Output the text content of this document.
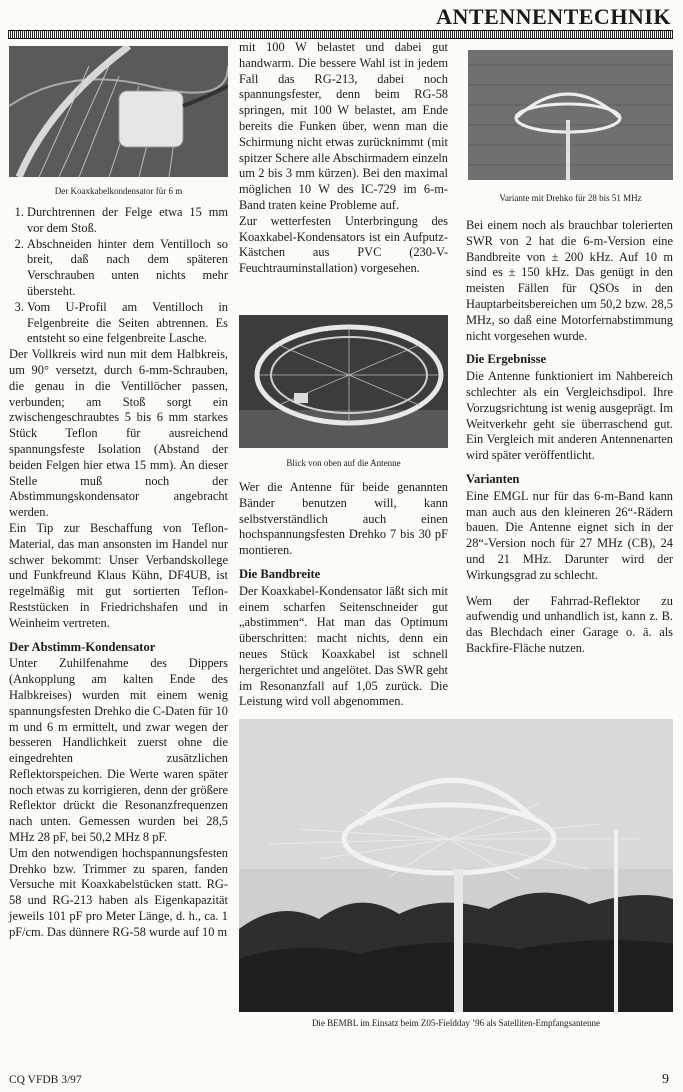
ANTENNENTECHNIK
Der Koaxkabelkondensator für 6 m
1. Durchtrennen der Felge etwa 15 mm vor dem Stoß.
2. Abschneiden hinter dem Ventilloch so breit, daß nach dem späteren Verschrauben unten nichts mehr übersteht.
3. Vom U-Profil am Ventilloch in Felgenbreite die Seiten abtrennen. Es entsteht so eine felgenbreite Lasche.

Der Vollkreis wird nun mit dem Halbkreis, um 90° versetzt, durch 6-mm-Schrauben, die genau in die Ventillöcher passen, verbunden; am Stoß sorgt ein zwischengeschraubtes 5 bis 6 mm starkes Stück Teflon für ausreichend spannungsfeste Isolation (Abstand der beiden Felgen hier etwa 15 mm). An dieser Stelle muß noch der Abstimmungskondensator angebracht werden.

Ein Tip zur Beschaffung von Teflon-Material, das man ansonsten im Handel nur schwer bekommt: Unser Verbandskollege und Funkfreund Klaus Kühn, DF4UB, ist regelmäßig mit gut sortierten Teflon-Reststücken in Friedrichshafen und in Weinheim vertreten.

Der Abstimm-Kondensator

Unter Zuhilfenahme des Dippers (Ankopplung am kalten Ende des Halbkreises) wurden mit einem wenig spannungsfesten Drehko die C-Daten für 10 m und 6 m ermittelt, und zwar wegen der besseren Handlichkeit zuerst ohne die eingedrehten zusätzlichen Reflektorspeichen. Die Werte waren später noch etwas zu korrigieren, denn der größere Reflektor drückt die Resonanzfrequenzen nach unten. Gemessen wurden bei 28,5 MHz 28 pF, bei 50,2 MHz 8 pF.

Um den notwendigen hochspannungsfesten Drehko bzw. Trimmer zu sparen, fanden Versuche mit Koaxkabelstücken statt. RG-58 und RG-213 haben als Eigenkapazität jeweils 101 pF pro Meter Länge, d. h., ca. 1 pF/cm. Das dünnere RG-58 wurde auf 10 m

mit 100 W belastet und dabei gut handwarm. Die bessere Wahl ist in jedem Fall das RG-213, dabei noch spannungsfester, denn beim RG-58 springen, mit 100 W belastet, am Ende bereits die Funken über, wenn man die Schirmung nicht etwas zurücknimmt (mit spitzer Schere alle Abschirmadern einzeln um 2 bis 3 mm kürzen). Bei den maximal möglichen 10 W des IC-729 im 6-m-Band traten keine Probleme auf.

Zur wetterfesten Unterbringung des Koaxkabel-Kondensators ist ein Aufputz-Kästchen aus PVC (230-V-Feuchtrauminstallation) vorgesehen.

Blick von oben auf die Antenne

Wer die Antenne für beide genannten Bänder benutzen will, kann selbstverständlich auch einen hochspannungsfesten Drehko 7 bis 30 pF montieren.

Die Bandbreite

Der Koaxkabel-Kondensator läßt sich mit einem scharfen Seitenschneider gut „abstimmen“. Hat man das Optimum überschritten: macht nichts, denn ein neues Stück Koaxkabel ist schnell hergerichtet und angelötet. Das SWR geht im Resonanzfall auf 1,05 zurück. Die Leistung wird voll abgenommen.

Variante mit Drehko für 28 bis 51 MHz

Bei einem noch als brauchbar tolerierten SWR von 2 hat die 6-m-Version eine Bandbreite von ± 200 kHz. Auf 10 m sind es ± 150 kHz. Das genügt in den meisten Fällen für QSOs in den Hauptarbeitsbereichen um 50,2 bzw. 28,5 MHz, so daß eine Motorfernabstimmung nicht vorgesehen wurde.

Die Ergebnisse

Die Antenne funktioniert im Nahbereich schlechter als ein Vergleichsdipol. Ihre Vorzugsrichtung ist wenig ausgeprägt. Im Weitverkehr geht sie überraschend gut. Ein Vergleich mit anderen Antennenarten wird später veröffentlicht.

Varianten

Eine EMGL nur für das 6-m-Band kann man auch aus den kleineren 26“-Rädern bauen. Die Antenne eignet sich in der 28“-Version noch für 27 MHz (CB), 24 und 21 MHz. Darunter wird der Wirkungsgrad zu schlecht.

Wem der Fahrrad-Reflektor zu aufwendig und unhandlich ist, kann z. B. das Blechdach einer Garage o. ä. als Backfire-Fläche nutzen.

Die BEMBL im Einsatz beim Z05-Fieldday ’96 als Satelliten-Empfangsantenne
CQ VFDB 3/97	9
